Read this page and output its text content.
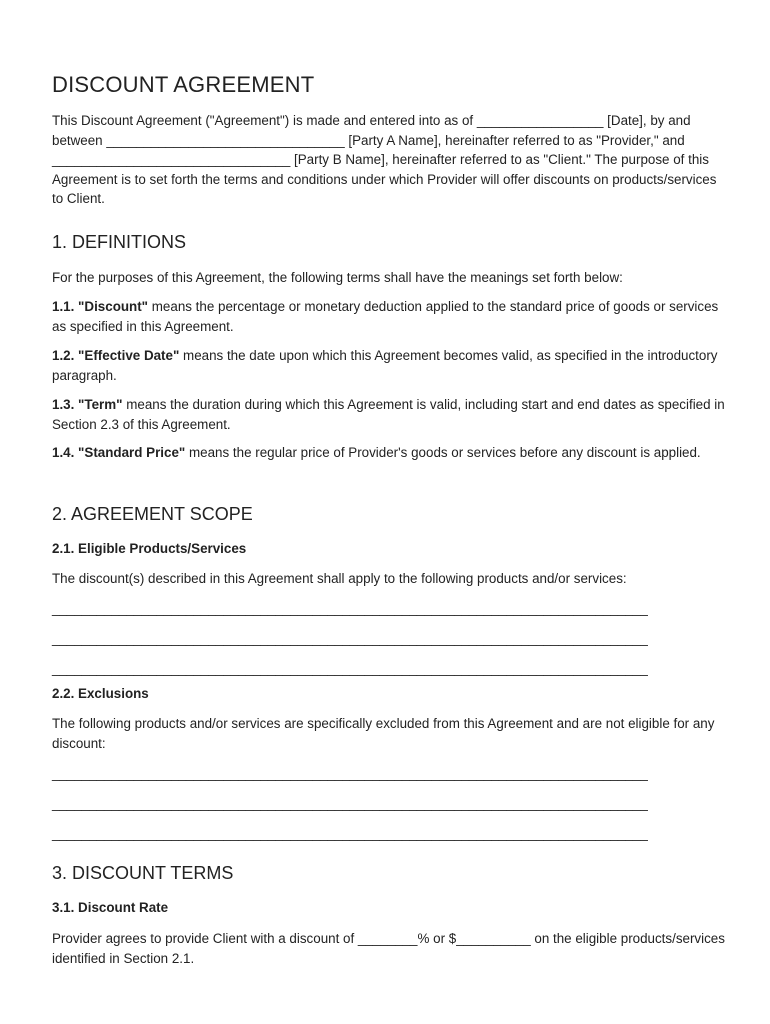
DISCOUNT AGREEMENT

This Discount Agreement ("Agreement") is made and entered into as of _________________ [Date], by and between ________________________________ [Party A Name], hereinafter referred to as "Provider," and ________________________________ [Party B Name], hereinafter referred to as "Client." The purpose of this Agreement is to set forth the terms and conditions under which Provider will offer discounts on products/services to Client.

1. DEFINITIONS

For the purposes of this Agreement, the following terms shall have the meanings set forth below:

1.1. "Discount" means the percentage or monetary deduction applied to the standard price of goods or services as specified in this Agreement.

1.2. "Effective Date" means the date upon which this Agreement becomes valid, as specified in the introductory paragraph.

1.3. "Term" means the duration during which this Agreement is valid, including start and end dates as specified in Section 2.3 of this Agreement.

1.4. "Standard Price" means the regular price of Provider's goods or services before any discount is applied.

2. AGREEMENT SCOPE
2.1. Eligible Products/Services

The discount(s) described in this Agreement shall apply to the following products and/or services:

________________________________________________________________________________

________________________________________________________________________________

________________________________________________________________________________

2.2. Exclusions

The following products and/or services are specifically excluded from this Agreement and are not eligible for any discount:

________________________________________________________________________________

________________________________________________________________________________

________________________________________________________________________________

3. DISCOUNT TERMS
3.1. Discount Rate

Provider agrees to provide Client with a discount of ________% or $__________ on the eligible products/services identified in Section 2.1.
